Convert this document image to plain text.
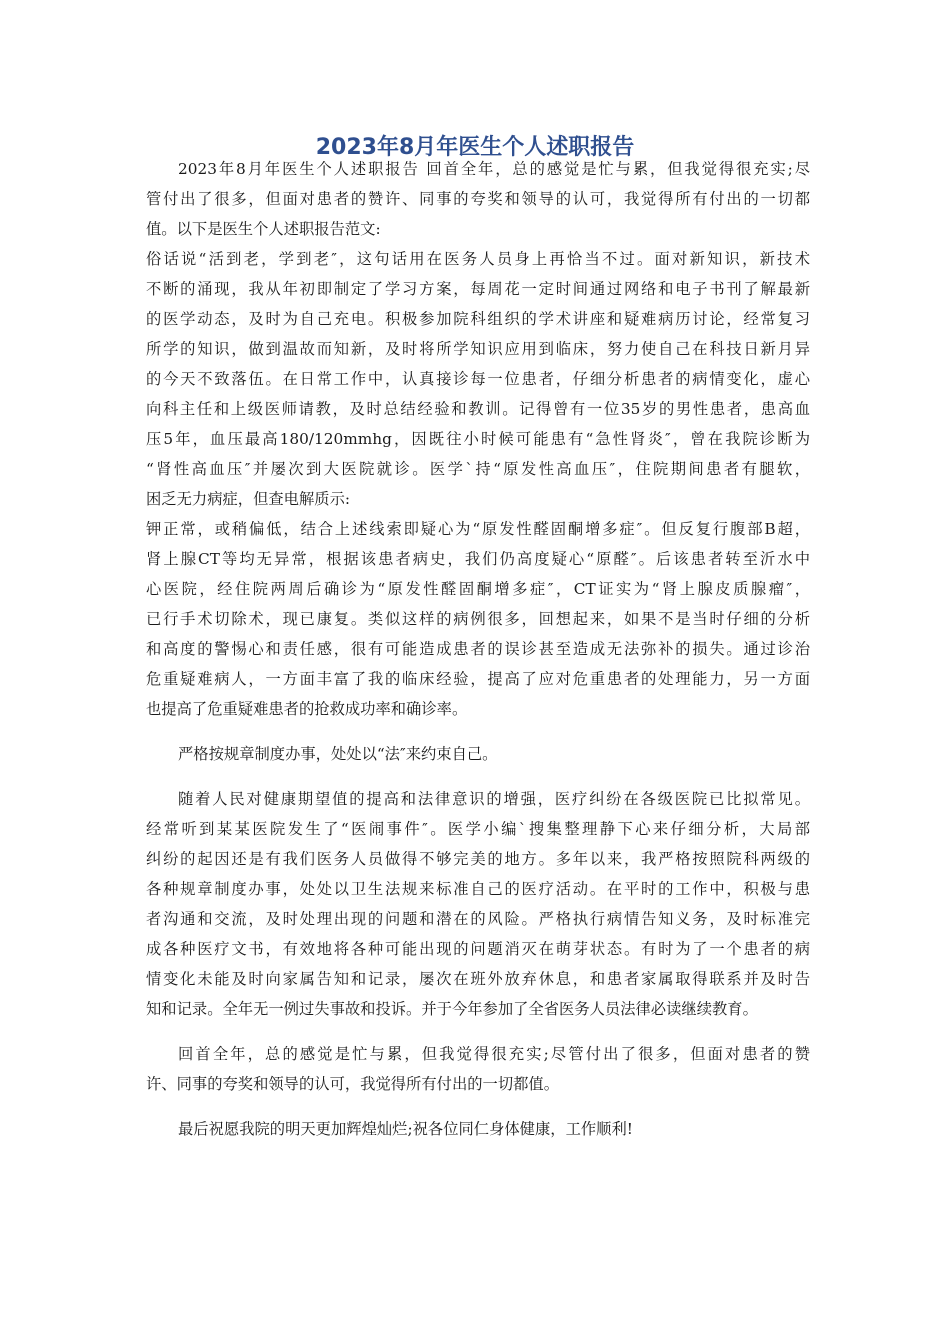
2023年8月年医生个人述职报告

2023年8月年医生个人述职报告 回首全年，总的感觉是忙与累，但我觉得很充实;尽

管付出了很多，但面对患者的赞许、同事的夸奖和领导的认可，我觉得所有付出的一切都

值。以下是医生个人述职报告范文:

俗话说“活到老，学到老″，这句话用在医务人员身上再恰当不过。面对新知识，新技术

不断的涌现，我从年初即制定了学习方案，每周花一定时间通过网络和电子书刊了解最新

的医学动态，及时为自己充电。积极参加院科组织的学术讲座和疑难病历讨论，经常复习

所学的知识，做到温故而知新，及时将所学知识应用到临床，努力使自己在科技日新月异

的今天不致落伍。在日常工作中，认真接诊每一位患者，仔细分析患者的病情变化，虚心

向科主任和上级医师请教，及时总结经验和教训。记得曾有一位35岁的男性患者，患高血

压5年，血压最高180/120mmhg，因既往小时候可能患有“急性肾炎″，曾在我院诊断为

“肾性高血压″并屡次到大医院就诊。医学`持“原发性高血压″，住院期间患者有腿软，

困乏无力病症，但查电解质示:

钾正常，或稍偏低，结合上述线索即疑心为“原发性醛固酮增多症″。但反复行腹部B超，

肾上腺CT等均无异常，根据该患者病史，我们仍高度疑心“原醛″。后该患者转至沂水中

心医院，经住院两周后确诊为“原发性醛固酮增多症″，CT证实为“肾上腺皮质腺瘤″，

已行手术切除术，现已康复。类似这样的病例很多，回想起来，如果不是当时仔细的分析

和高度的警惕心和责任感，很有可能造成患者的误诊甚至造成无法弥补的损失。通过诊治

危重疑难病人，一方面丰富了我的临床经验，提高了应对危重患者的处理能力，另一方面

也提高了危重疑难患者的抢救成功率和确诊率。

严格按规章制度办事，处处以“法″来约束自己。

随着人民对健康期望值的提高和法律意识的增强，医疗纠纷在各级医院已比拟常见。

经常听到某某医院发生了“医闹事件″。医学小编`搜集整理静下心来仔细分析，大局部

纠纷的起因还是有我们医务人员做得不够完美的地方。多年以来，我严格按照院科两级的

各种规章制度办事，处处以卫生法规来标准自己的医疗活动。在平时的工作中，积极与患

者沟通和交流，及时处理出现的问题和潜在的风险。严格执行病情告知义务，及时标准完

成各种医疗文书，有效地将各种可能出现的问题消灭在萌芽状态。有时为了一个患者的病

情变化未能及时向家属告知和记录，屡次在班外放弃休息，和患者家属取得联系并及时告

知和记录。全年无一例过失事故和投诉。并于今年参加了全省医务人员法律必读继续教育。

回首全年，总的感觉是忙与累，但我觉得很充实;尽管付出了很多，但面对患者的赞

许、同事的夸奖和领导的认可，我觉得所有付出的一切都值。

最后祝愿我院的明天更加辉煌灿烂;祝各位同仁身体健康，工作顺利!
